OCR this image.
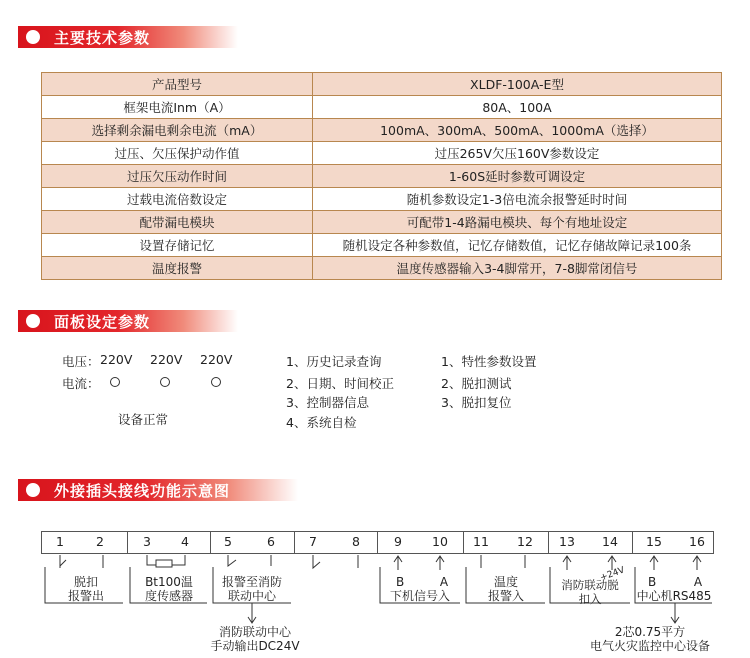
主要技术参数
产品型号	XLDF-100A-E型
框架电流Inm（A）	80A、100A
选择剩余漏电剩余电流（mA）	100mA、300mA、500mA、1000mA（选择）
过压、欠压保护动作值	过压265V欠压160V参数设定
过压欠压动作时间	1-60S延时参数可调设定
过载电流倍数设定	随机参数设定1-3倍电流余报警延时时间
配带漏电模块	可配带1-4路漏电模块、每个有地址设定
设置存储记忆	随机设定各种参数值，记忆存储数值，记忆存储故障记录100条
温度报警	温度传感器输入3-4脚常开，7-8脚常闭信号
面板设定参数
电压： 220V 220V 220V
电流：
设备正常
1、历史记录查询
2、日期、时间校正
3、控制器信息
4、系统自检
1、特性参数设置
2、脱扣测试
3、脱扣复位
外接插头接线功能示意图
1	2	3	4	5	6	7	8	9	10 11 12 13 14 15 16
脱扣
报警出
Bt100温
度传感器
报警至消防
联动中心
B	A
下机信号入
温度
报警入
+24V
消防联动脱
扣入
B	A
中心机RS485
消防联动中心
手动输出DC24V
2芯0.75平方
电气火灾监控中心设备
